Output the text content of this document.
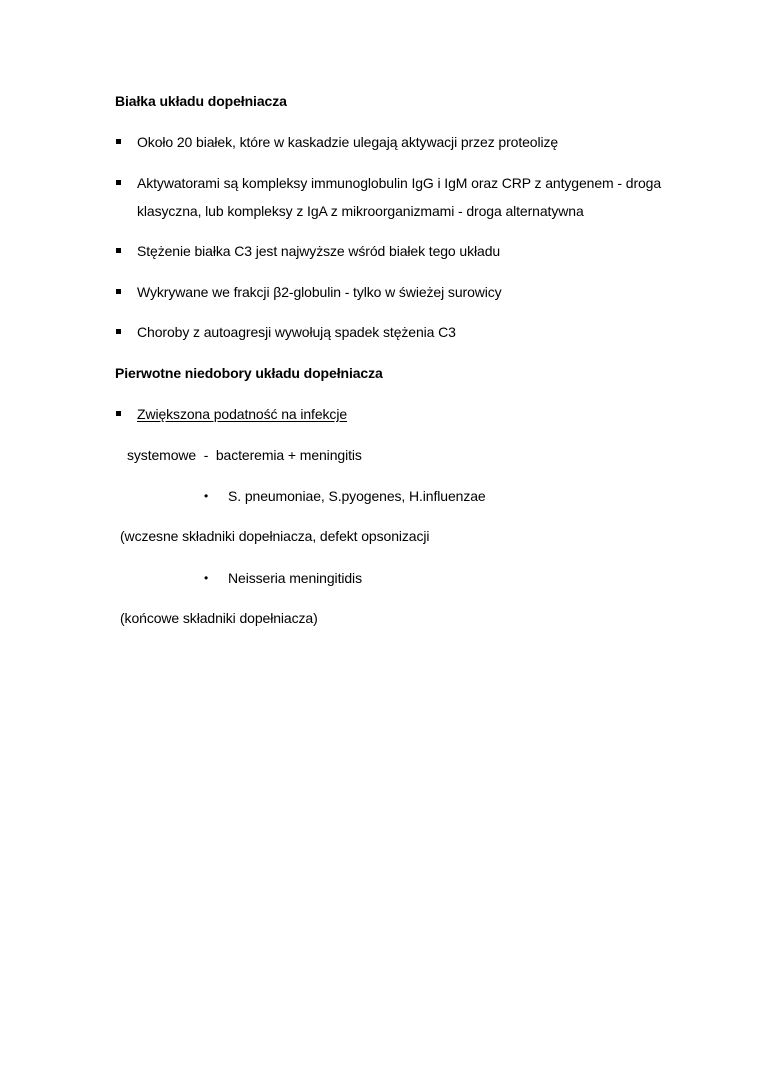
Białka układu dopełniacza
Około 20 białek, które w kaskadzie ulegają aktywacji przez proteolizę
Aktywatorami są kompleksy immunoglobulin IgG i IgM oraz CRP z antygenem - droga
klasyczna, lub kompleksy z IgA z mikroorganizmami - droga alternatywna
Stężenie białka C3 jest najwyższe wśród białek tego układu
Wykrywane we frakcji β2-globulin - tylko w świeżej surowicy
Choroby z autoagresji wywołują spadek stężenia C3
Pierwotne niedobory układu dopełniacza
Zwiększona podatność na infekcje
systemowe  -  bacteremia + meningitis
• S. pneumoniae, S.pyogenes, H.influenzae
(wczesne składniki dopełniacza, defekt opsonizacji
• Neisseria meningitidis
(końcowe składniki dopełniacza)
